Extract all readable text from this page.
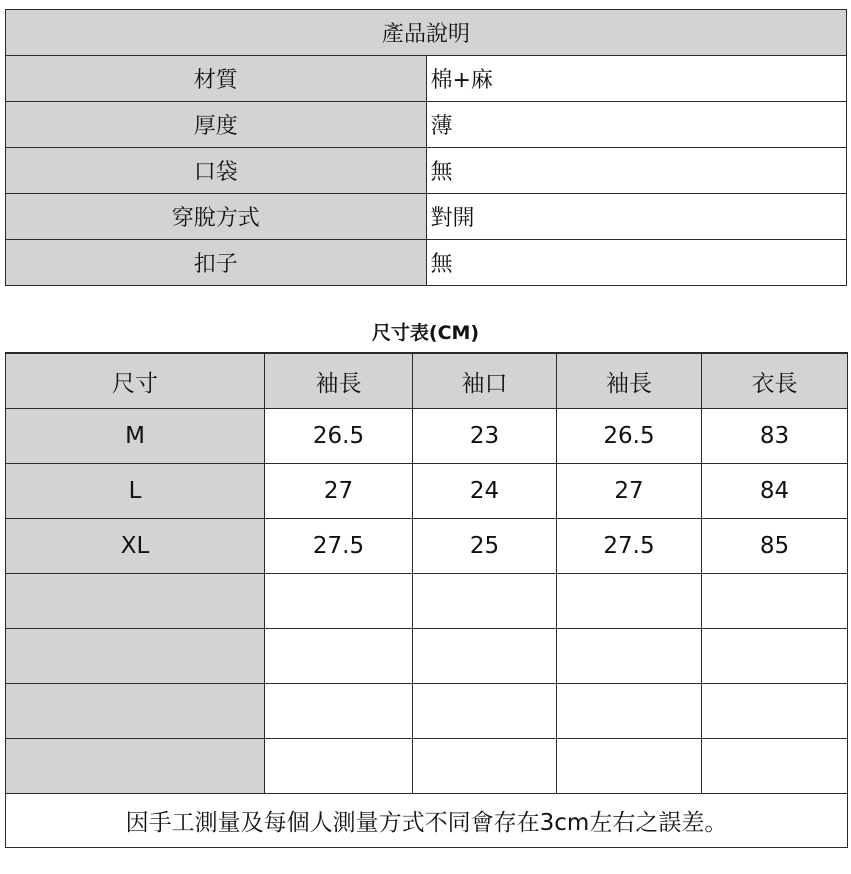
產品說明	
材質	棉+麻
厚度	薄
口袋	無
穿脫方式	對開
扣子	無
尺寸表(CM)
尺寸	袖長	袖口	袖長	衣長
M	26.5	23	26.5	83
L	27	24	27	84
XL	27.5	25	27.5	85

因手工測量及每個人測量方式不同會存在3cm左右之誤差。				
